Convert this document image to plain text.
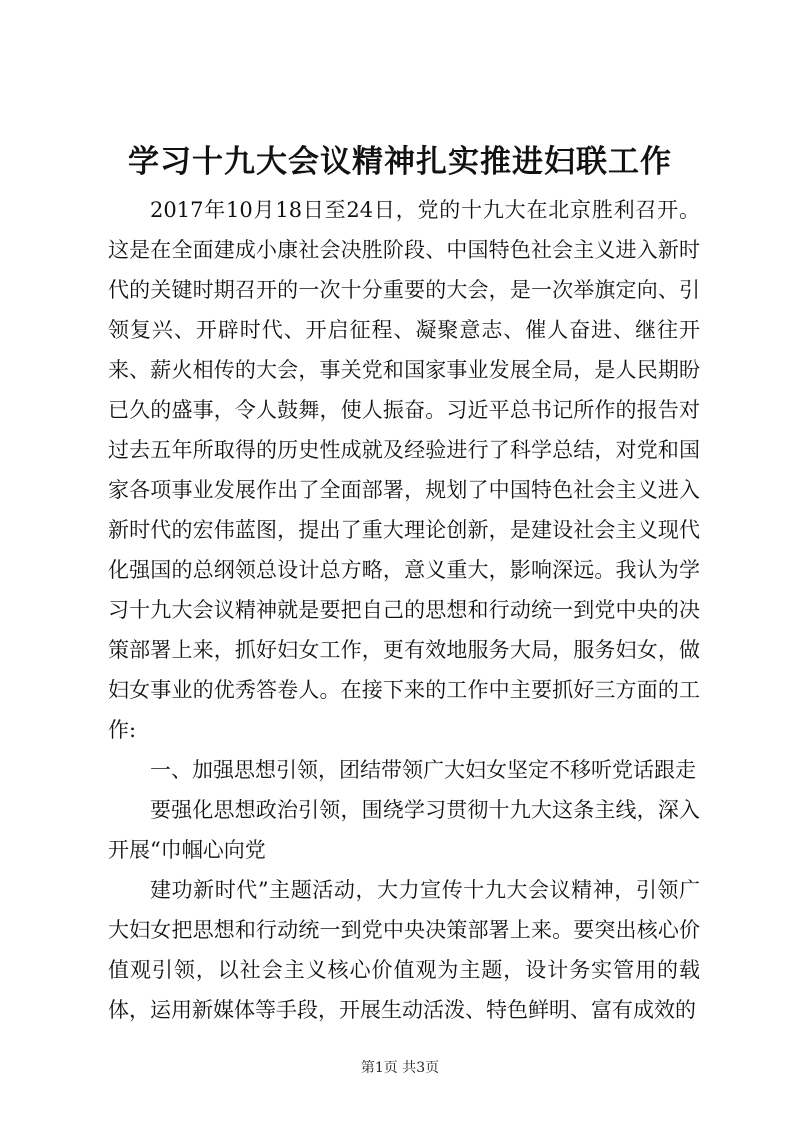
学习十九大会议精神扎实推进妇联工作

2017年10月18日至24日，党的十九大在北京胜利召开。这是在全面建成小康社会决胜阶段、中国特色社会主义进入新时代的关键时期召开的一次十分重要的大会，是一次举旗定向、引领复兴、开辟时代、开启征程、凝聚意志、催人奋进、继往开来、薪火相传的大会，事关党和国家事业发展全局，是人民期盼已久的盛事，令人鼓舞，使人振奋。习近平总书记所作的报告对过去五年所取得的历史性成就及经验进行了科学总结，对党和国家各项事业发展作出了全面部署，规划了中国特色社会主义进入新时代的宏伟蓝图，提出了重大理论创新，是建设社会主义现代化强国的总纲领总设计总方略，意义重大，影响深远。我认为学习十九大会议精神就是要把自己的思想和行动统一到党中央的决策部署上来，抓好妇女工作，更有效地服务大局，服务妇女，做妇女事业的优秀答卷人。在接下来的工作中主要抓好三方面的工作:

一、加强思想引领，团结带领广大妇女坚定不移听党话跟走

要强化思想政治引领，围绕学习贯彻十九大这条主线，深入开展“巾帼心向党

建功新时代”主题活动，大力宣传十九大会议精神，引领广大妇女把思想和行动统一到党中央决策部署上来。要突出核心价值观引领，以社会主义核心价值观为主题，设计务实管用的载体，运用新媒体等手段，开展生动活泼、特色鲜明、富有成效的

第1页 共3页
